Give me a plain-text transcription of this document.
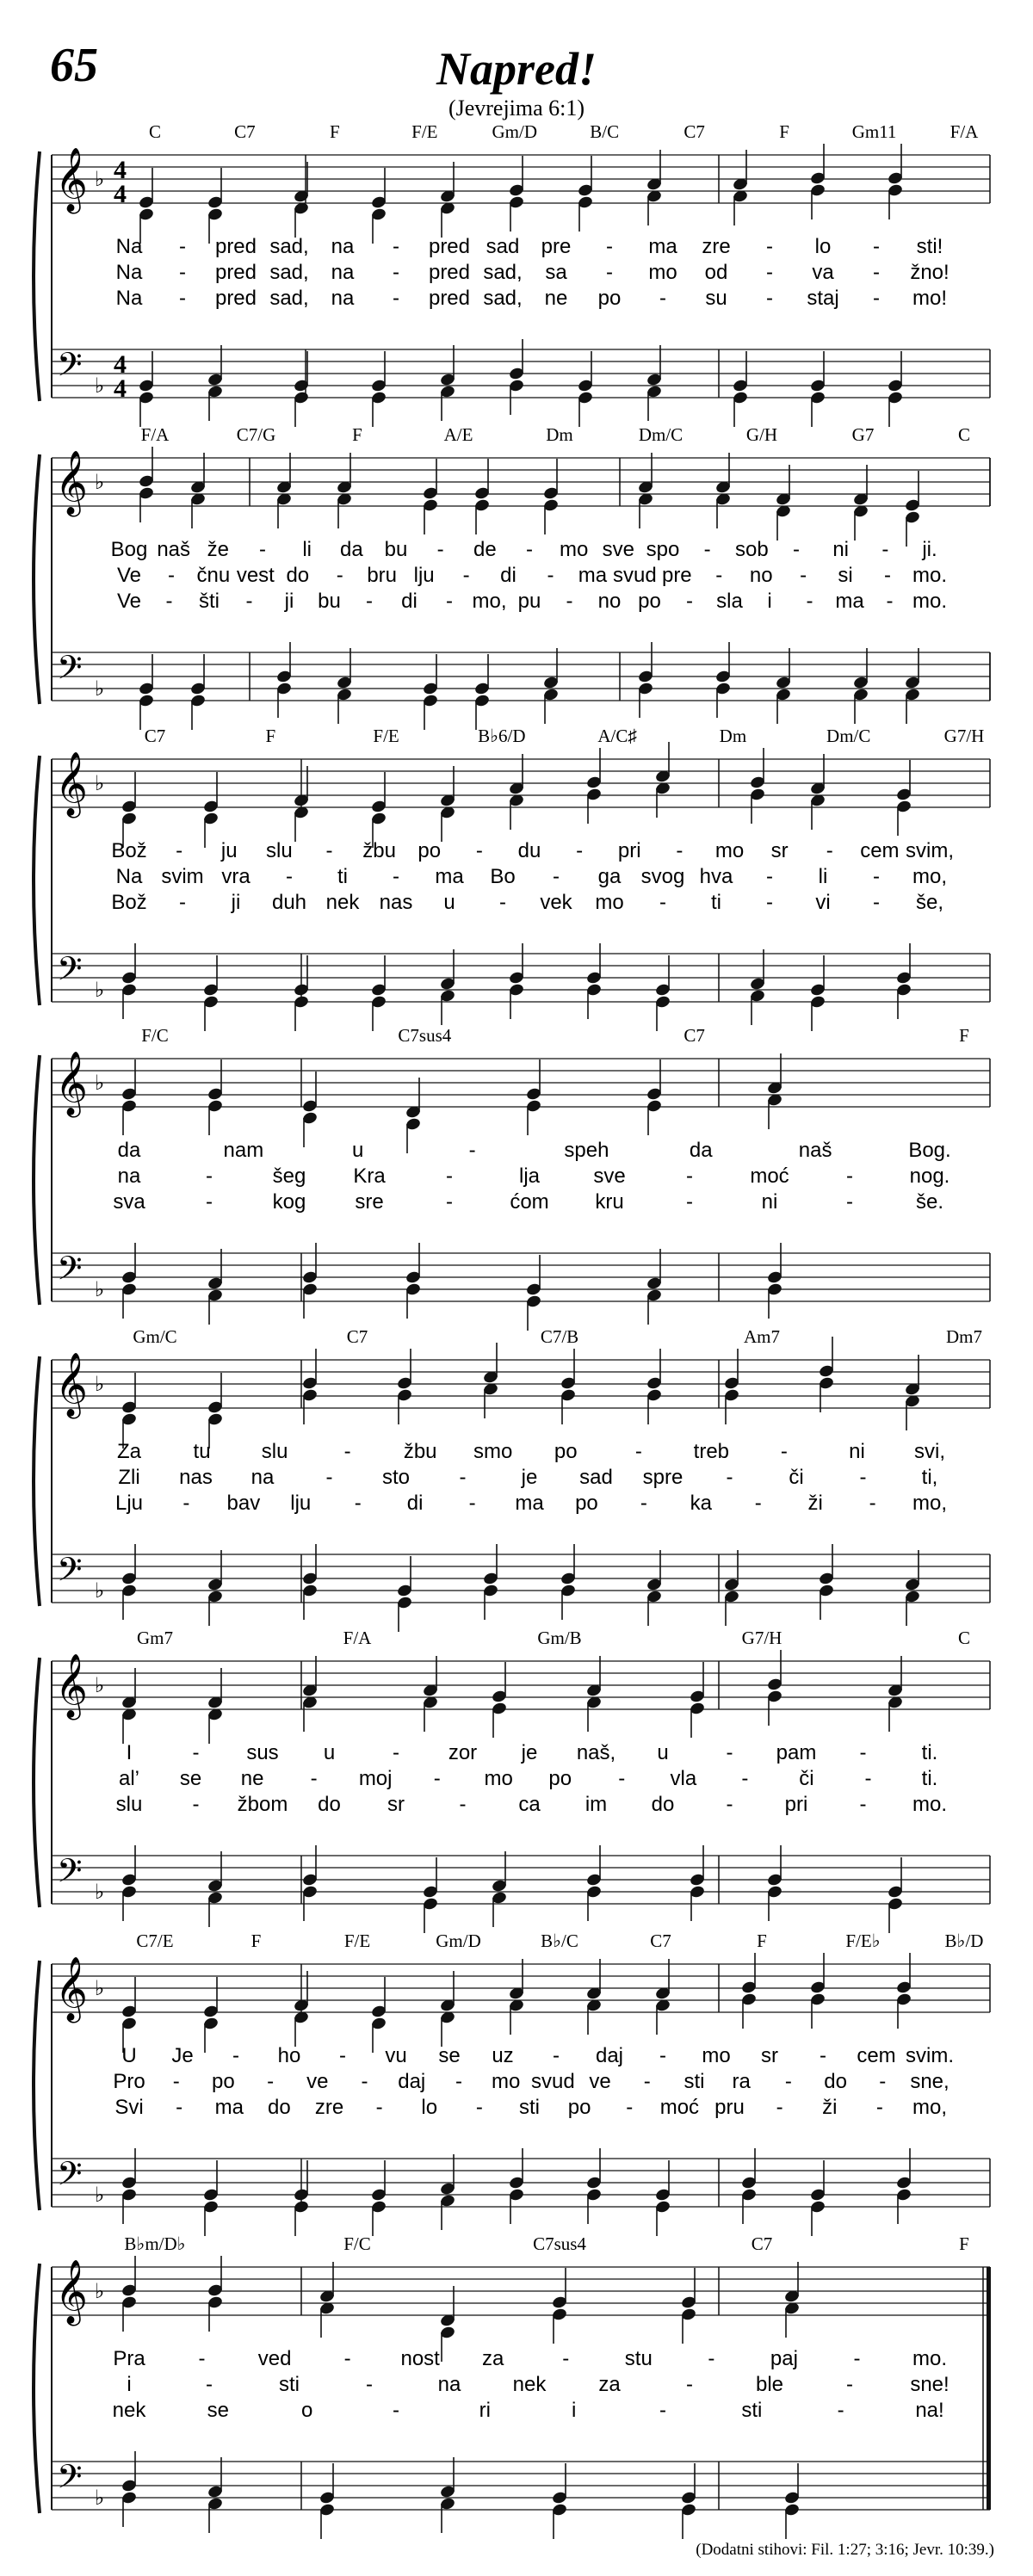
65	Napred!
(Jevrejima 6:1)
𝄞
𝄢
♭
♭
4
4
4
4
C	C7	F	F/E	Gm/D	B/C	C7	F	Gm11	F/A
Na - pred sad, na - pred sad pre - ma zre - lo - sti!
Na - pred sad, na - pred sad, sa - mo od - va - žno!
Na - pred sad, na - pred sad, ne po - su - staj - mo!
𝄞
𝄢
♭
♭
F/A	C7/G	F	A/E	Dm	Dm/C	G/H	G7	C
Bog naš že - li da bu - de - mo sve spo - sob - ni - ji.
Ve - čnu vest do - bru lju - di - ma svud pre - no - si - mo.
Ve - šti - ji bu - di - mo, pu - no po - sla i - ma - mo.
𝄞
𝄢
♭
♭
C7	F	F/E	B♭6/D	A/C♯	Dm	Dm/C	G7/H
Bož - ju slu - žbu po - du - pri - mo sr - cem svim,
Na svim vra - ti - ma Bo - ga svog hva - li - mo,
Bož - ji duh nek nas u - vek mo - ti - vi - še,
𝄞
𝄢
♭
♭
F/C	C7sus4	C7	F
da	nam	u	-	speh	da	naš	Bog.
na	-	šeg Kra	-	lja	sve	-	moć	-	nog.
sva	-	kog sre	-	ćom kru	-	ni	-	še.
𝄞
𝄢
♭
♭
Gm/C	C7	C7/B	Am7	Dm7
Za	tu slu	-	žbu smo po	- treb -	ni svi,
Zli nas na	- sto -	je sad spre -	či	-	ti,
Lju - bav lju - di - ma po - ka - ži - mo,
𝄞
𝄢
♭
♭
Gm7	F/A	Gm/B	G7/H	C
I	- sus u	- zor je naš, u	- pam -	ti.
al’ se ne - moj - mo po - vla - či - ti.
slu - žbom do sr	-	ca im do	-	pri	- mo.
𝄞
𝄢
♭
♭
C7/E	F	F/E	Gm/D	B♭/C	C7	F	F/E♭	B♭/D
U Je - ho - vu se uz - daj - mo sr - cem svim.
Pro - po - ve - daj - mo svud ve - sti ra - do - sne,
Svi - ma do zre - lo - sti po - moć pru - ži - mo,
𝄞
𝄢
♭
♭
B♭m/D♭	F/C	C7sus4	C7	F
Pra	-	ved	- nost za	-	stu	-	paj	-	mo.
i	-	sti	-	na	nek	za	-	ble	-	sne!
nek	se	o	-	ri	i	-	sti	-	na!
(Dodatni stihovi: Fil. 1:27; 3:16; Jevr. 10:39.)
